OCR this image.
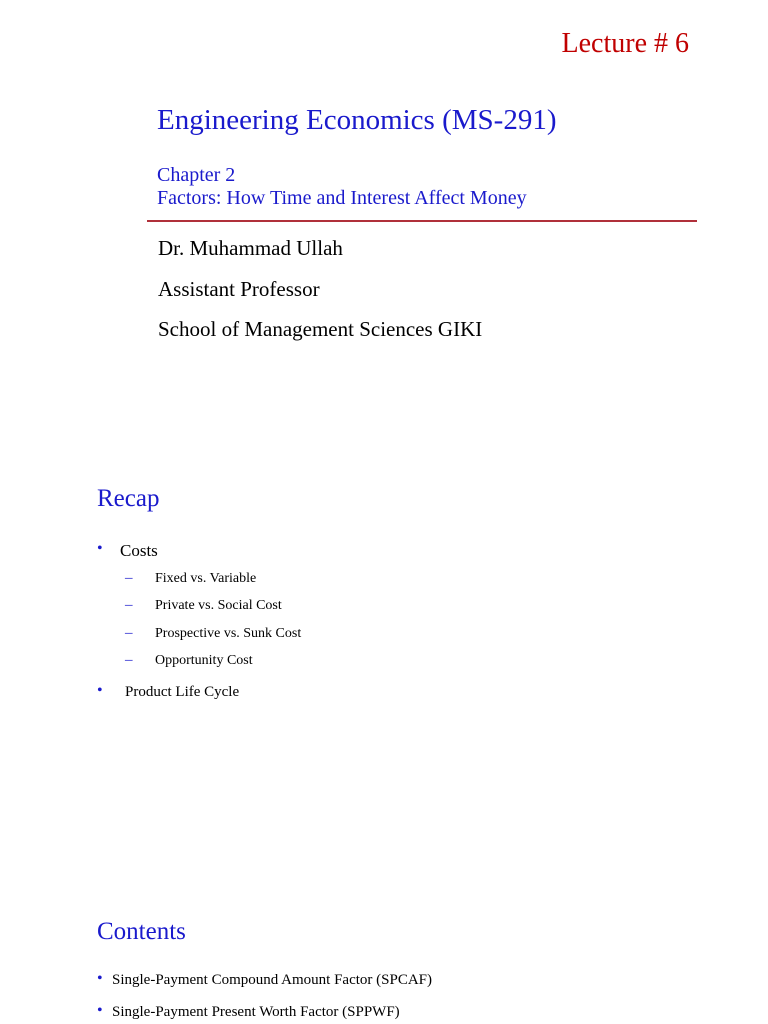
Lecture # 6
Engineering Economics (MS-291)
Chapter 2
Factors: How Time and Interest Affect Money
Dr. Muhammad Ullah
Assistant Professor
School of Management Sciences GIKI
Recap
• Costs
– Fixed vs. Variable
– Private vs. Social Cost
– Prospective vs. Sunk Cost
– Opportunity Cost
• Product Life Cycle
Contents
• Single-Payment Compound Amount Factor (SPCAF)
• Single-Payment Present Worth Factor (SPPWF)
